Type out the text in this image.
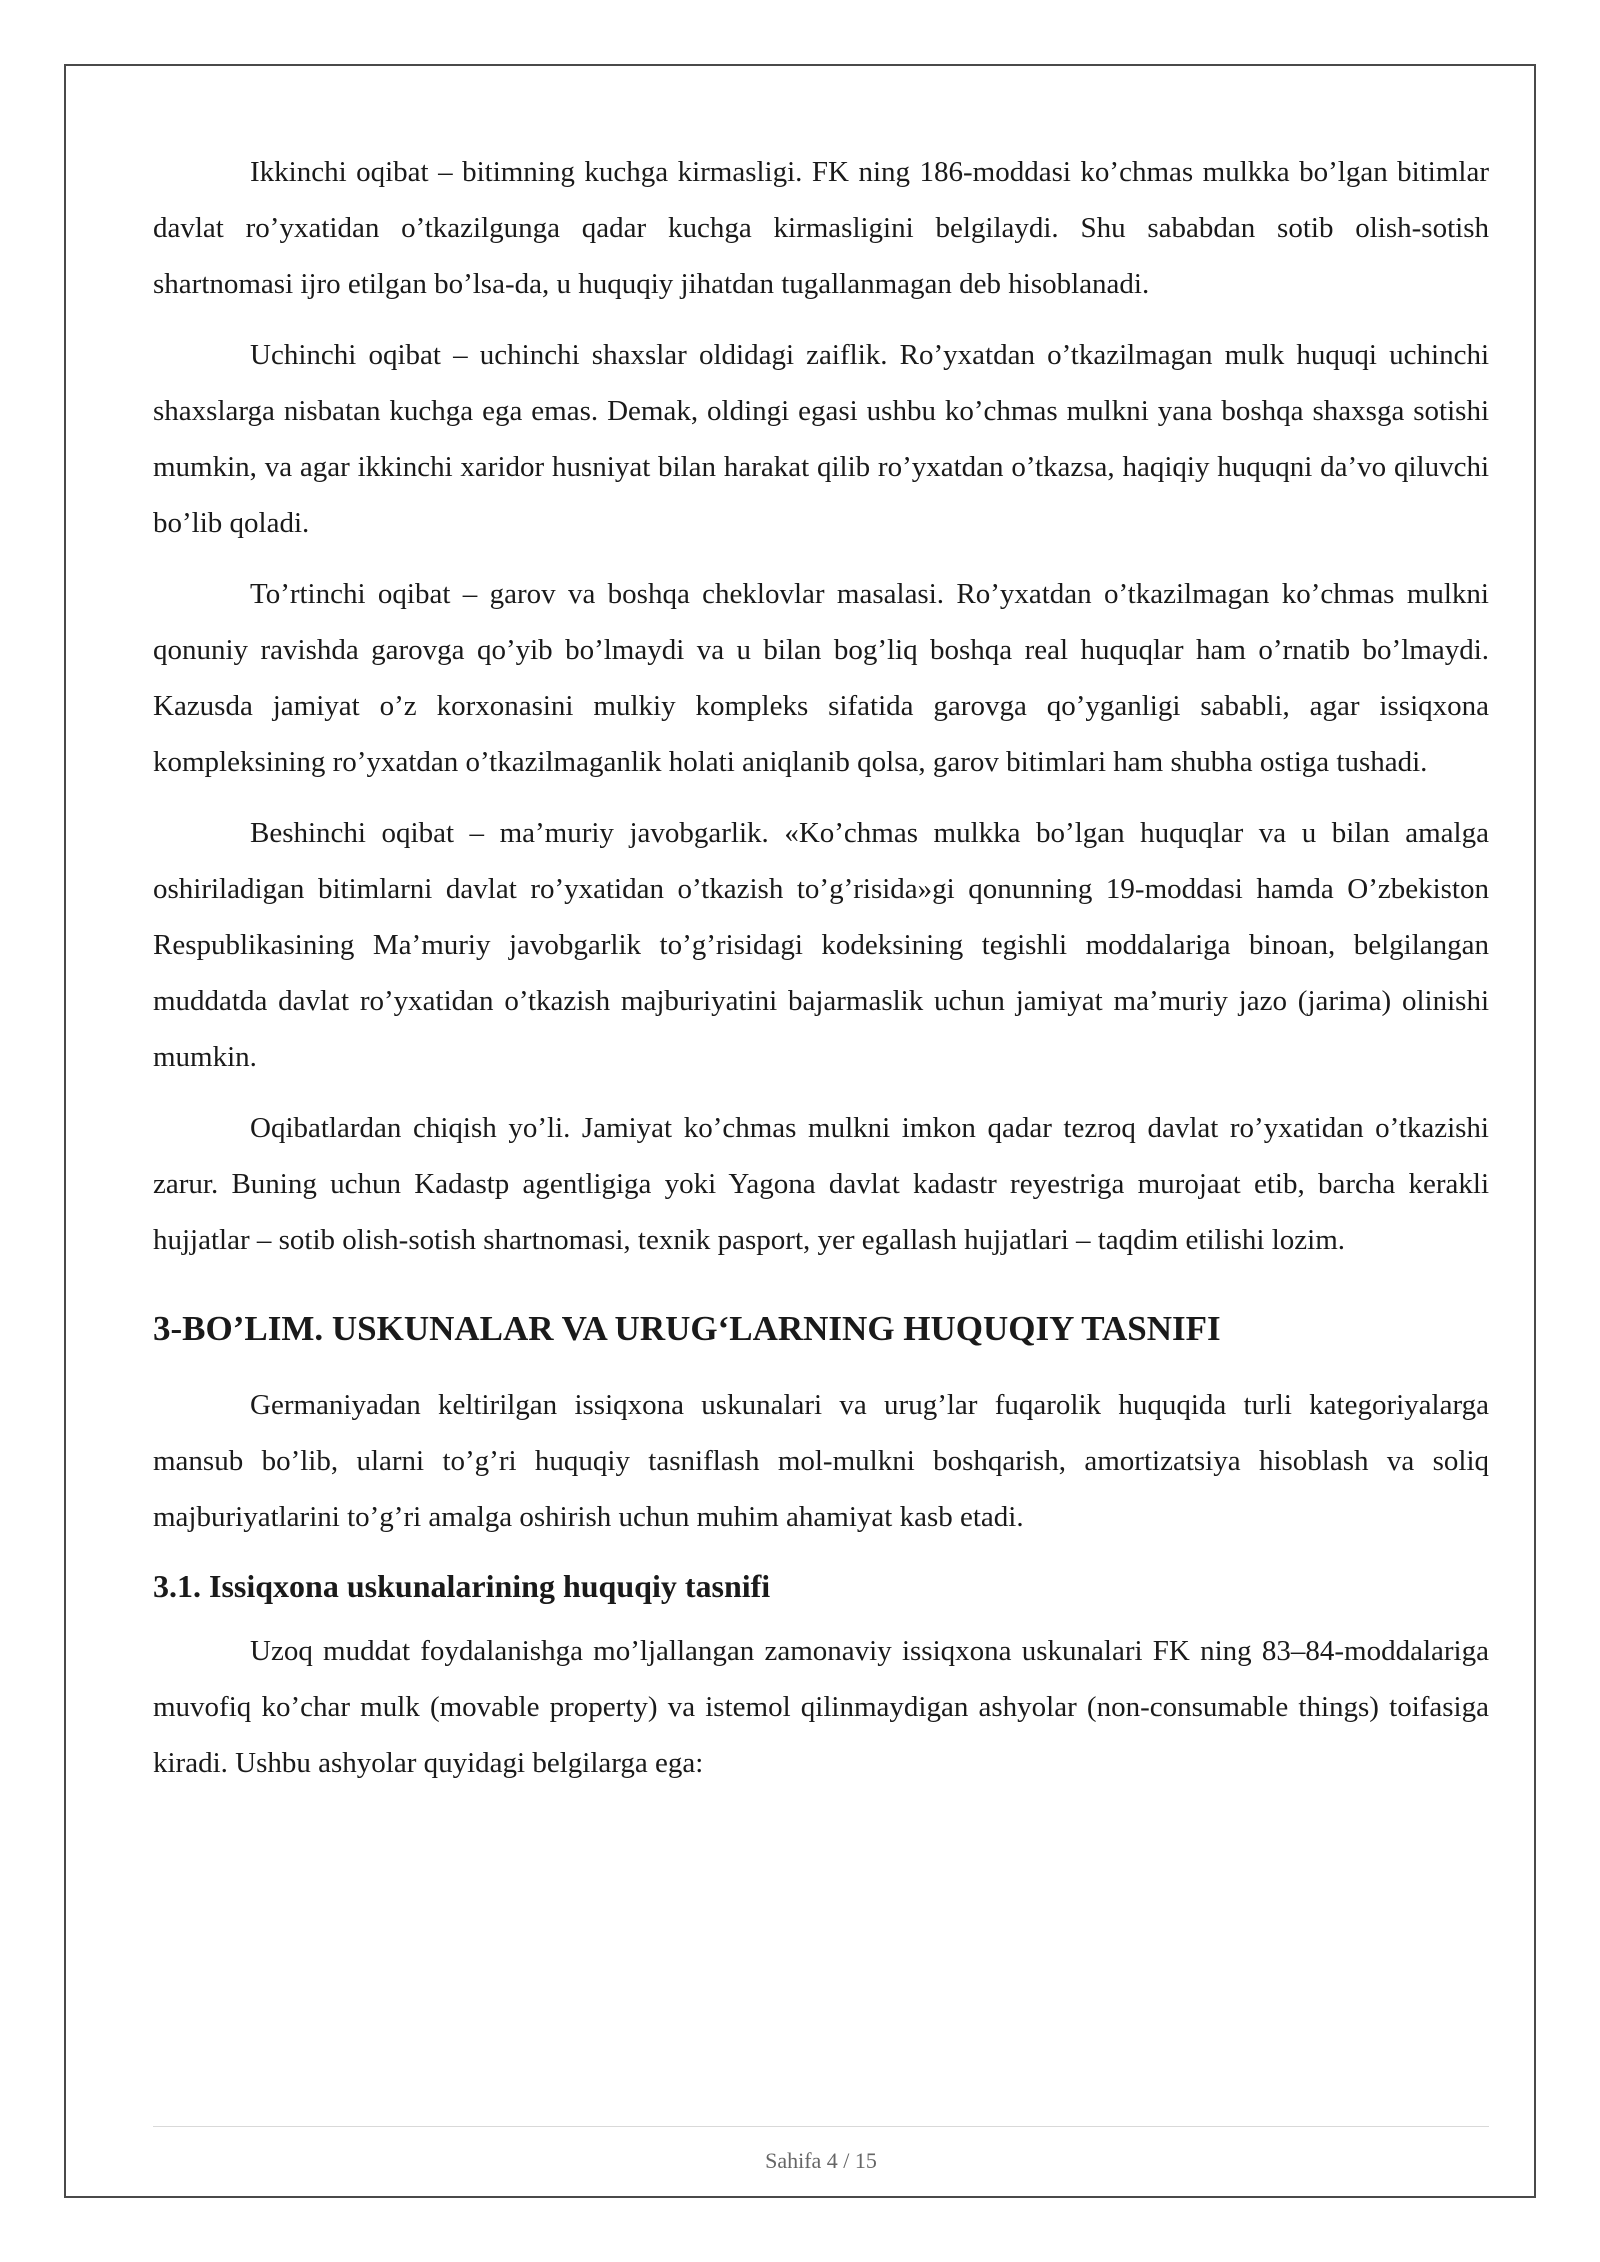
Ikkinchi oqibat – bitimning kuchga kirmasligi. FK ning 186-moddasi ko’chmas mulkka bo’lgan bitimlar davlat ro’yxatidan o’tkazilgunga qadar kuchga kirmasligini belgilaydi. Shu sababdan sotib olish-sotish shartnomasi ijro etilgan bo’lsa-da, u huquqiy jihatdan tugallanmagan deb hisoblanadi.

Uchinchi oqibat – uchinchi shaxslar oldidagi zaiflik. Ro’yxatdan o’tkazilmagan mulk huquqi uchinchi shaxslarga nisbatan kuchga ega emas. Demak, oldingi egasi ushbu ko’chmas mulkni yana boshqa shaxsga sotishi mumkin, va agar ikkinchi xaridor husniyat bilan harakat qilib ro’yxatdan o’tkazsa, haqiqiy huquqni da’vo qiluvchi bo’lib qoladi.

To’rtinchi oqibat – garov va boshqa cheklovlar masalasi. Ro’yxatdan o’tkazilmagan ko’chmas mulkni qonuniy ravishda garovga qo’yib bo’lmaydi va u bilan bog’liq boshqa real huquqlar ham o’rnatib bo’lmaydi. Kazusda jamiyat o’z korxonasini mulkiy kompleks sifatida garovga qo’yganligi sababli, agar issiqxona kompleksining ro’yxatdan o’tkazilmaganlik holati aniqlanib qolsa, garov bitimlari ham shubha ostiga tushadi.

Beshinchi oqibat – ma’muriy javobgarlik. «Ko’chmas mulkka bo’lgan huquqlar va u bilan amalga oshiriladigan bitimlarni davlat ro’yxatidan o’tkazish to’g’risida»gi qonunning 19-moddasi hamda O’zbekiston Respublikasining Ma’muriy javobgarlik to’g’risidagi kodeksining tegishli moddalariga binoan, belgilangan muddatda davlat ro’yxatidan o’tkazish majburiyatini bajarmaslik uchun jamiyat ma’muriy jazo (jarima) olinishi mumkin.

Oqibatlardan chiqish yo’li. Jamiyat ko’chmas mulkni imkon qadar tezroq davlat ro’yxatidan o’tkazishi zarur. Buning uchun Kadastp agentligiga yoki Yagona davlat kadastr reyestriga murojaat etib, barcha kerakli hujjatlar – sotib olish-sotish shartnomasi, texnik pasport, yer egallash hujjatlari – taqdim etilishi lozim.

3-BO’LIM. USKUNALAR VA URUG‘LARNING HUQUQIY TASNIFI

Germaniyadan keltirilgan issiqxona uskunalari va urug’lar fuqarolik huquqida turli kategoriyalarga mansub bo’lib, ularni to’g’ri huquqiy tasniflash mol-mulkni boshqarish, amortizatsiya hisoblash va soliq majburiyatlarini to’g’ri amalga oshirish uchun muhim ahamiyat kasb etadi.

3.1. Issiqxona uskunalarining huquqiy tasnifi

Uzoq muddat foydalanishga mo’ljallangan zamonaviy issiqxona uskunalari FK ning 83–84-moddalariga muvofiq ko’char mulk (movable property) va istemol qilinmaydigan ashyolar (non-consumable things) toifasiga kiradi. Ushbu ashyolar quyidagi belgilarga ega:

Sahifa 4 / 15
